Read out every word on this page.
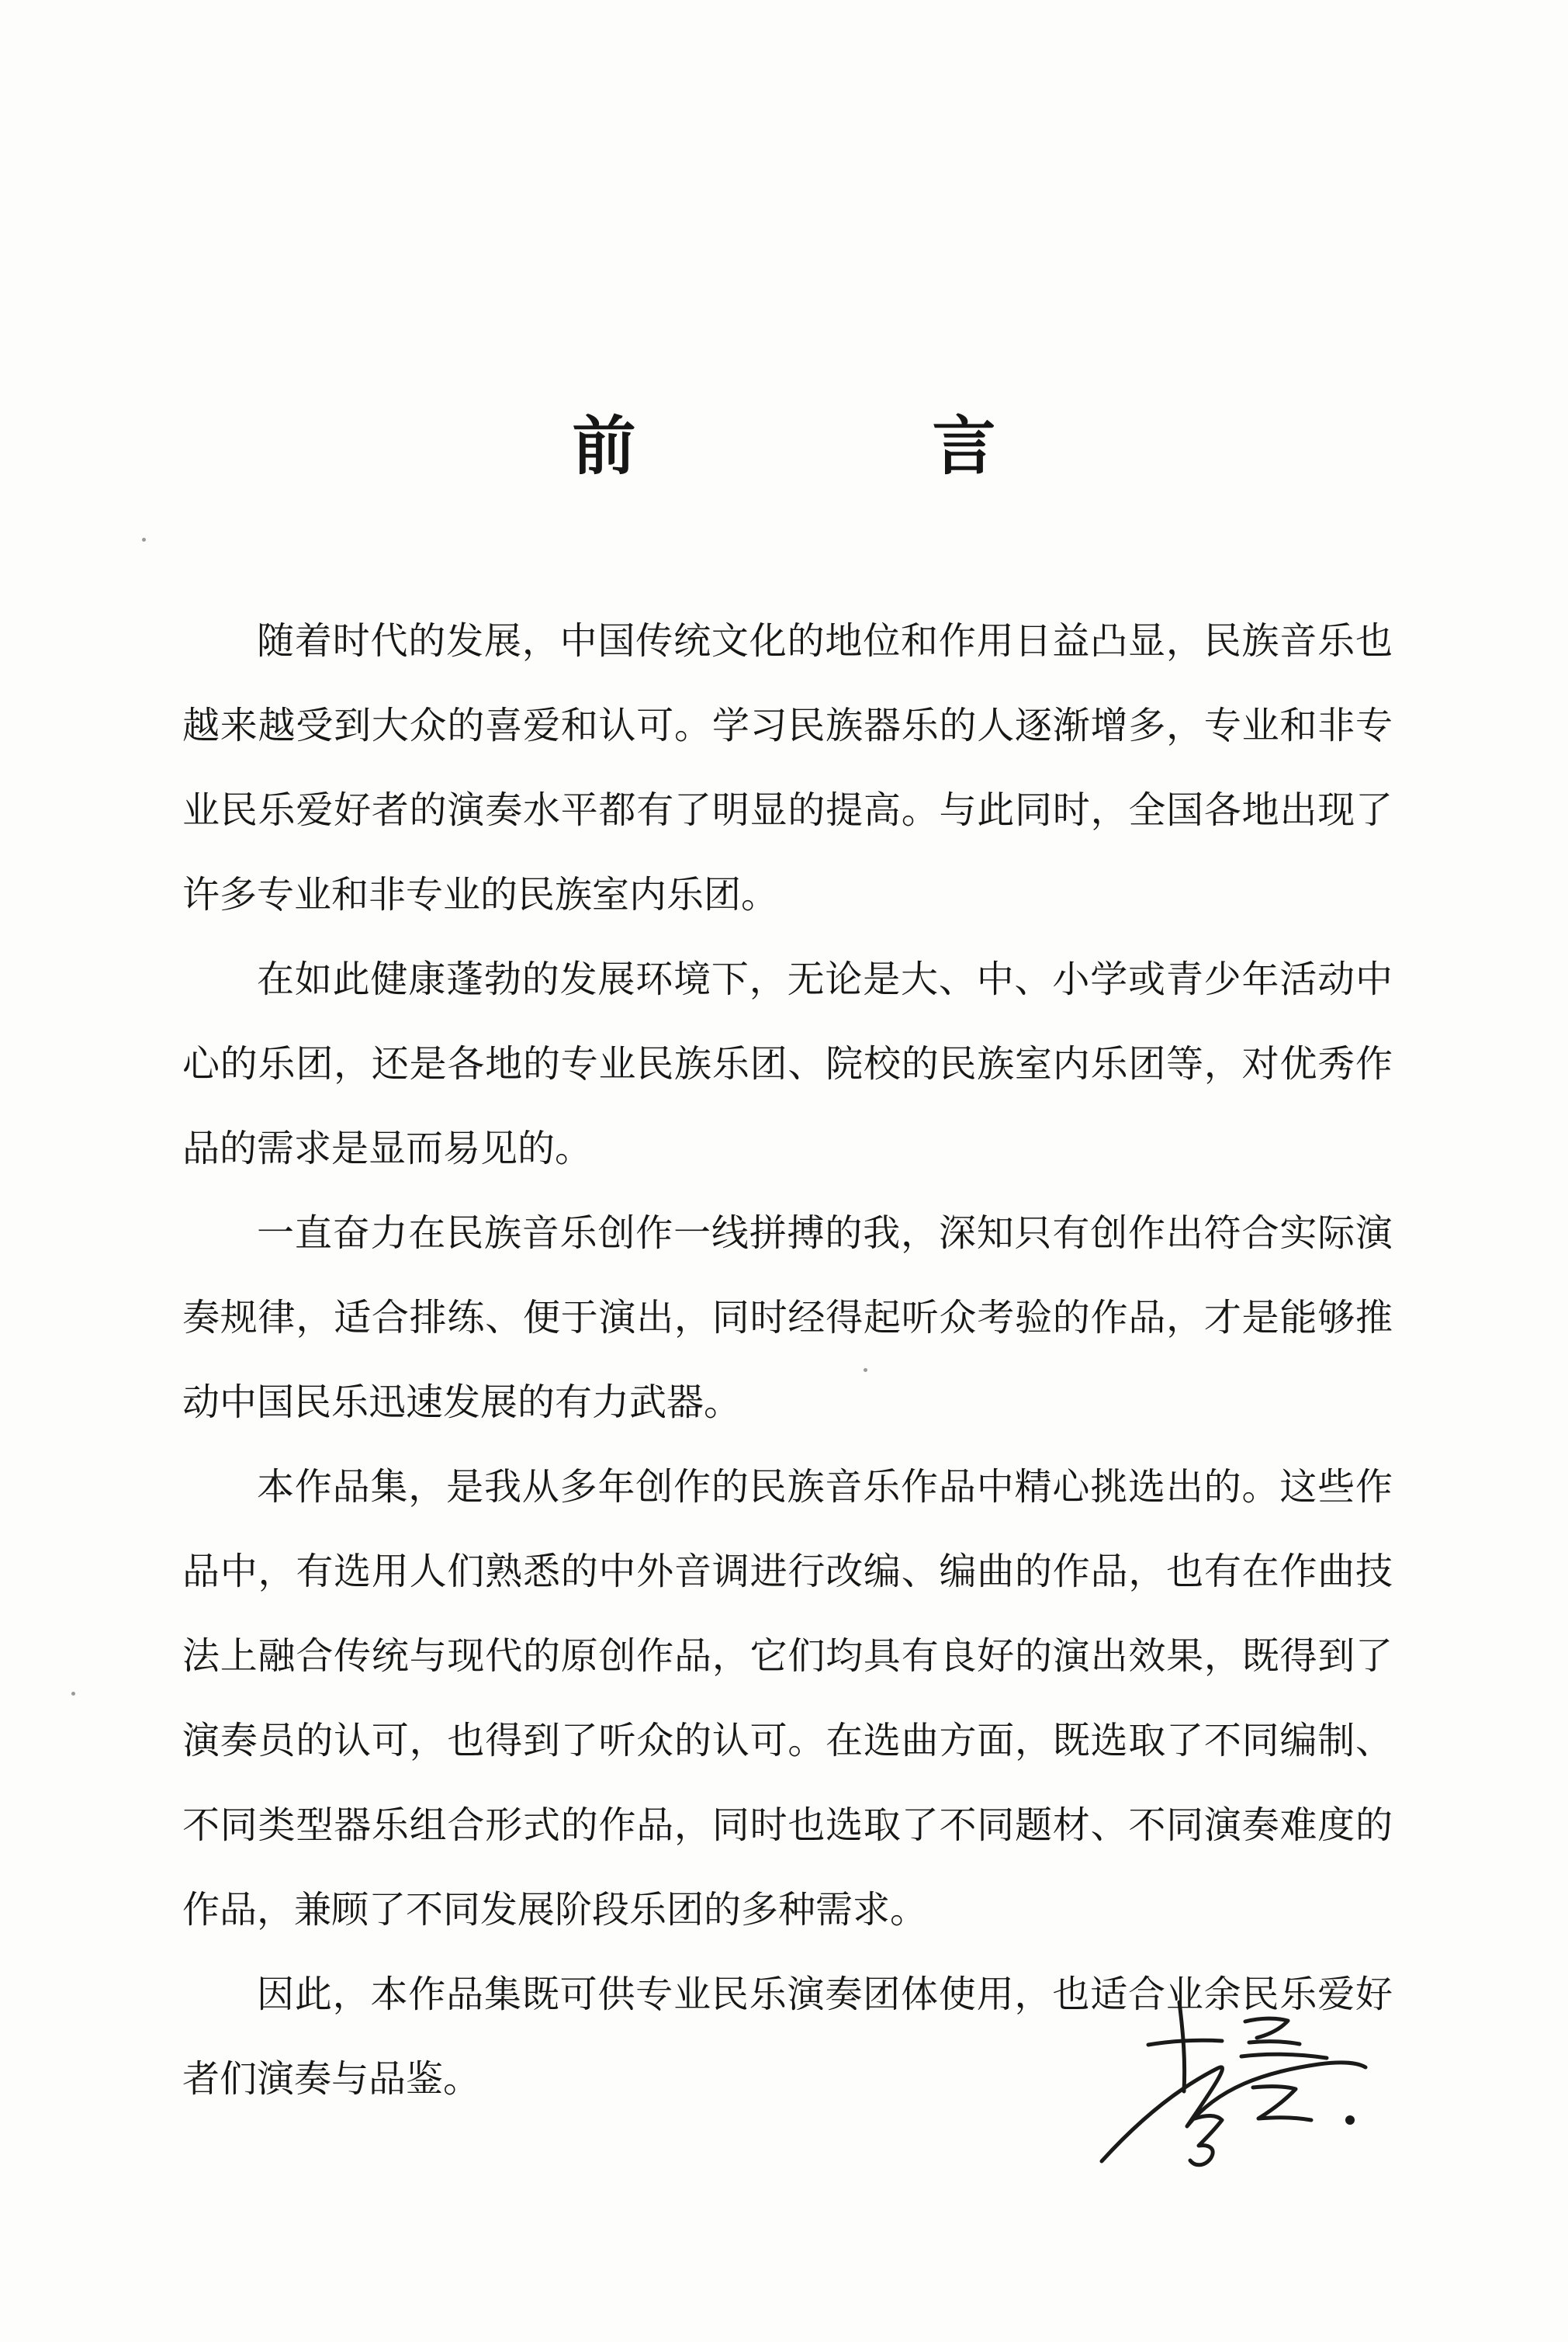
前　言

随着时代的发展，中国传统文化的地位和作用日益凸显，民族音乐也越来越受到大众的喜爱和认可。学习民族器乐的人逐渐增多，专业和非专业民乐爱好者的演奏水平都有了明显的提高。与此同时，全国各地出现了许多专业和非专业的民族室内乐团。

在如此健康蓬勃的发展环境下，无论是大、中、小学或青少年活动中心的乐团，还是各地的专业民族乐团、院校的民族室内乐团等，对优秀作品的需求是显而易见的。

一直奋力在民族音乐创作一线拼搏的我，深知只有创作出符合实际演奏规律，适合排练、便于演出，同时经得起听众考验的作品，才是能够推动中国民乐迅速发展的有力武器。

本作品集，是我从多年创作的民族音乐作品中精心挑选出的。这些作品中，有选用人们熟悉的中外音调进行改编、编曲的作品，也有在作曲技法上融合传统与现代的原创作品，它们均具有良好的演出效果，既得到了演奏员的认可，也得到了听众的认可。在选曲方面，既选取了不同编制、不同类型器乐组合形式的作品，同时也选取了不同题材、不同演奏难度的作品，兼顾了不同发展阶段乐团的多种需求。

因此，本作品集既可供专业民乐演奏团体使用，也适合业余民乐爱好者们演奏与品鉴。
